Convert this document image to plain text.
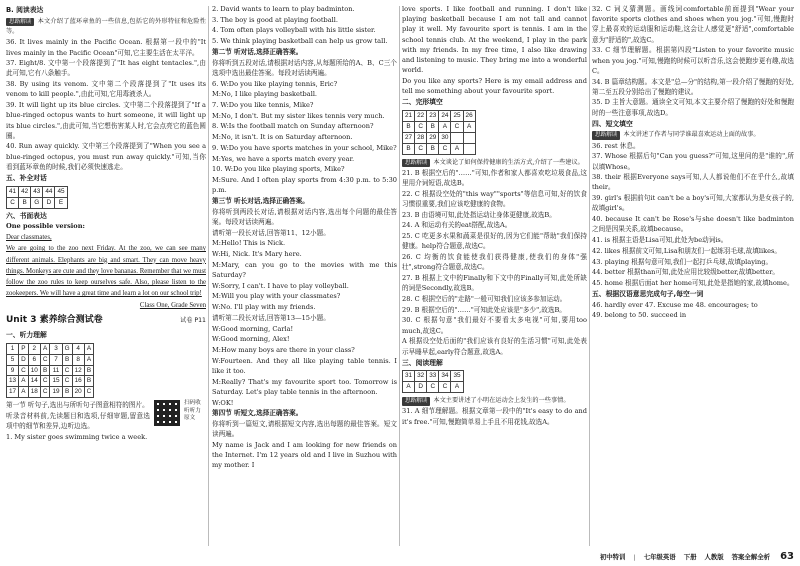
B. 阅读表达

思路解读 本文介绍了蓝环章鱼的一些信息,包括它的外形特征和危险性等。

36. It lives mainly in the Pacific Ocean. 根据第一段中的"It lives mainly in the Pacific Ocean"可知,它主要生活在太平洋。

37. Eight/8. 文中第一个段落提到了"It has eight tentacles.",由此可知,它有八条触手。

38. By using its venom. 文中第二个段落提到了"It uses its venom to kill people.",由此可知,它用毒液杀人。

39. It will light up its blue circles. 文中第二个段落提到了"If a blue-ringed octopus wants to hurt someone, it will light up its blue circles.",由此可知,当它想伤害某人时,它会点亮它的蓝色圆圈。

40. Run away quickly. 文中第三个段落提到了"When you see a blue-ringed octopus, you must run away quickly."可知,当你看到蓝环章鱼的时候,我们必须快速逃走。

五、补全对话
41	42	43	44	45
C	B	G	D	E
六、书面表达

One possible version:

Dear classmates,

We are going to the zoo next Friday. At the zoo, we can see many different animals. Elephants are big and smart. They can move heavy things. Monkeys are cute and they love bananas. Remember that we must follow the zoo rules to keep ourselves safe. Also, please listen to the zookeepers. We will have a great time and learn a lot on our school trip!

Class One, Grade Seven

Unit 3 素养综合测试卷	试卷 P11
一、听力理解
1	P	2	A	3	G	4	A
5	D	6	C	7	B	8	A
9	C	10	B	11	C	12	B
13	A	14	C	15	C	16	B
17	A	18	C	19	B	20	C

第一节 听句子,选出与所听句子图意相符的图片。

听录音材料前,先读题目和选项,仔细审题,留意选项中的细节和差异,边听边选。

扫码收听听力原文

1. My sister goes swimming twice a week.

2. David wants to learn to play badminton.

3. The boy is good at playing football.

4. Tom often plays volleyball with his little sister.

5. We think playing basketball can help us grow tall.

第二节 听对话,选择正确答案。

你将听到五段对话,请根据对话内容,从每题所给的A、B、C三个选项中选出最佳答案。每段对话读两遍。

6. W:Do you like playing tennis, Eric?

M:No, I like playing basketball.

7. W:Do you like tennis, Mike?

M:No, I don't. But my sister likes tennis very much.

8. W:Is the football match on Sunday afternoon?

M:No, it isn't. It is on Saturday afternoon.

9. W:Do you have sports matches in your school, Mike?

M:Yes, we have a sports match every year.

10. W:Do you like playing sports, Mike?

M:Sure. And I often play sports from 4:30 p.m. to 5:30 p.m.

第三节 听长对话,选择正确答案。

你将听到两段长对话,请根据对话内容,选出每个问题的最佳答案。每段对话读两遍。

请听第一段长对话,回答第11、12小题。

M:Hello! This is Nick.

W:Hi, Nick. It's Mary here.

M:Mary, can you go to the movies with me this Saturday?

W:Sorry, I can't. I have to play volleyball.

M:Will you play with your classmates?

W:No. I'll play with my friends.

请听第二段长对话,回答第13—15小题。

W:Good morning, Carla!

W:Good morning, Alex!

M:How many boys are there in your class?

W:Fourteen. And they all like playing table tennis. I like it too.

M:Really? That's my favourite sport too. Tomorrow is Saturday. Let's play table tennis in the afternoon.

W:OK!

第四节 听短文,选择正确答案。

你将听到一篇短文,请根据短文内容,选出每题的最佳答案。短文读两遍。

My name is Jack and I am looking for new friends on the Internet. I'm 12 years old and I live in Suzhou with my mother. I

love sports. I like football and running. I don't like playing basketball because I am not tall and cannot play it well. My favourite sport is tennis. I am in the school tennis club. At the weekend, I play in the park with my friends. In my free time, I also like drawing and listening to music. They bring me into a wonderful world.

Do you like any sports? Here is my email address and tell me something about your favourite sport.

二、完形填空
21	22	23	24	25	26
B	C	B	A	C	A
27	28	29	30		
B	C	B	C	A	

思路解读 本文谈论了如何保持健康的生活方式,介绍了一些建议。

21. B 根据空后的"……"可知,作者和家人都喜欢吃垃圾食品,这里用介词短语,故选B。

22. C 根据设空处的"this way""sports"等信息可知,好的饮食习惯很重要,我们应该吃健康的食物。

23. B 由语境可知,此处指运动让身体更健康,故选B。

24. A 和运动有关的eat搭配,故选A。

25. C 吃更多水果和蔬菜是很好的,因为它们能"帮助"我们保持健康。help符合题意,故选C。

26. C 均衡的饮食能使我们获得健康,使我们的身体"强壮",strong符合题意,故选C。

27. B 根据上文中的Finally和下文中的Finally可知,此处所缺的词是Secondly,故选B。

28. C 根据空后的"走路"一般可知我们应该多参加运动。

29. B 根据空后的"……"可知此处应该是"多少",故选B。

30. C 根据句意"我们最好不要看太多电视"可知,要用too much,故选C。

A 根据设空处后面的"我们应该有良好的生活习惯"可知,此处表示早睡早起,early符合题意,故选A。

三、阅读理解
31	32	33	34	35
A	D	C	C	A

思路解读 本文主要讲述了小明在运动会上发生的一些事情。

31. A 细节理解题。根据文章第一段中的"It's easy to do and it's free."可知,慢跑简单易上手且不用花钱,故选A。

32. C 词义猜测题。画线词comfortable前面提到"Wear your favorite sports clothes and shoes when you jog."可知,慢跑时穿上最喜欢的运动服和运动鞋,这会让人感觉更"舒适",comfortable意为"舒适的",故选C。

33. C 细节理解题。根据第四段"Listen to your favorite music when you jog."可知,慢跑的时候可以听音乐,这会使跑步更有趣,故选C。

34. B 篇章结构题。本文是"总—分"的结构,第一段介绍了慢跑的好处,第二至五段分别给出了慢跑的建议。

35. D 主旨大意题。通读全文可知,本文主要介绍了慢跑的好处和慢跑时的一些注意事项,故选D。

四、短文填空

思路解读 本文讲述了作者与同学谁最喜欢运动上面的故事。

36. rest 休息。

37. Whose 根据后句"Can you guess?"可知,这里问的是"谁的",所以填Whose。

38. their 根据Everyone says可知,人人都说他们不在乎什么,故填their。

39. girl's 根据前句it can't be a boy's可知,大家都认为是女孩子的,故填girl's。

40. because It can't be Rose's与she doesn't like badminton之间是因果关系,故填because。

41. is 根据主语是Lisa可知,此处为be动词is。

42. likes 根据前文可知,Lisa和朋友们一起练羽毛球,故填likes。

43. playing 根据句意可知,我们一起打乒乓球,故填playing。

44. better 根据than可知,此处应用比较级better,故填better。

45. home 根据后面at her home可知,此处是指她的家,故填home。

五、根据汉语意思完成句子,每空一词

46. hardly ever 47. Excuse me 48. encourages; to

49. belong to 50. succeed in

初中特训 | 七年级英语 下册 人教版 答案全解全析 63
